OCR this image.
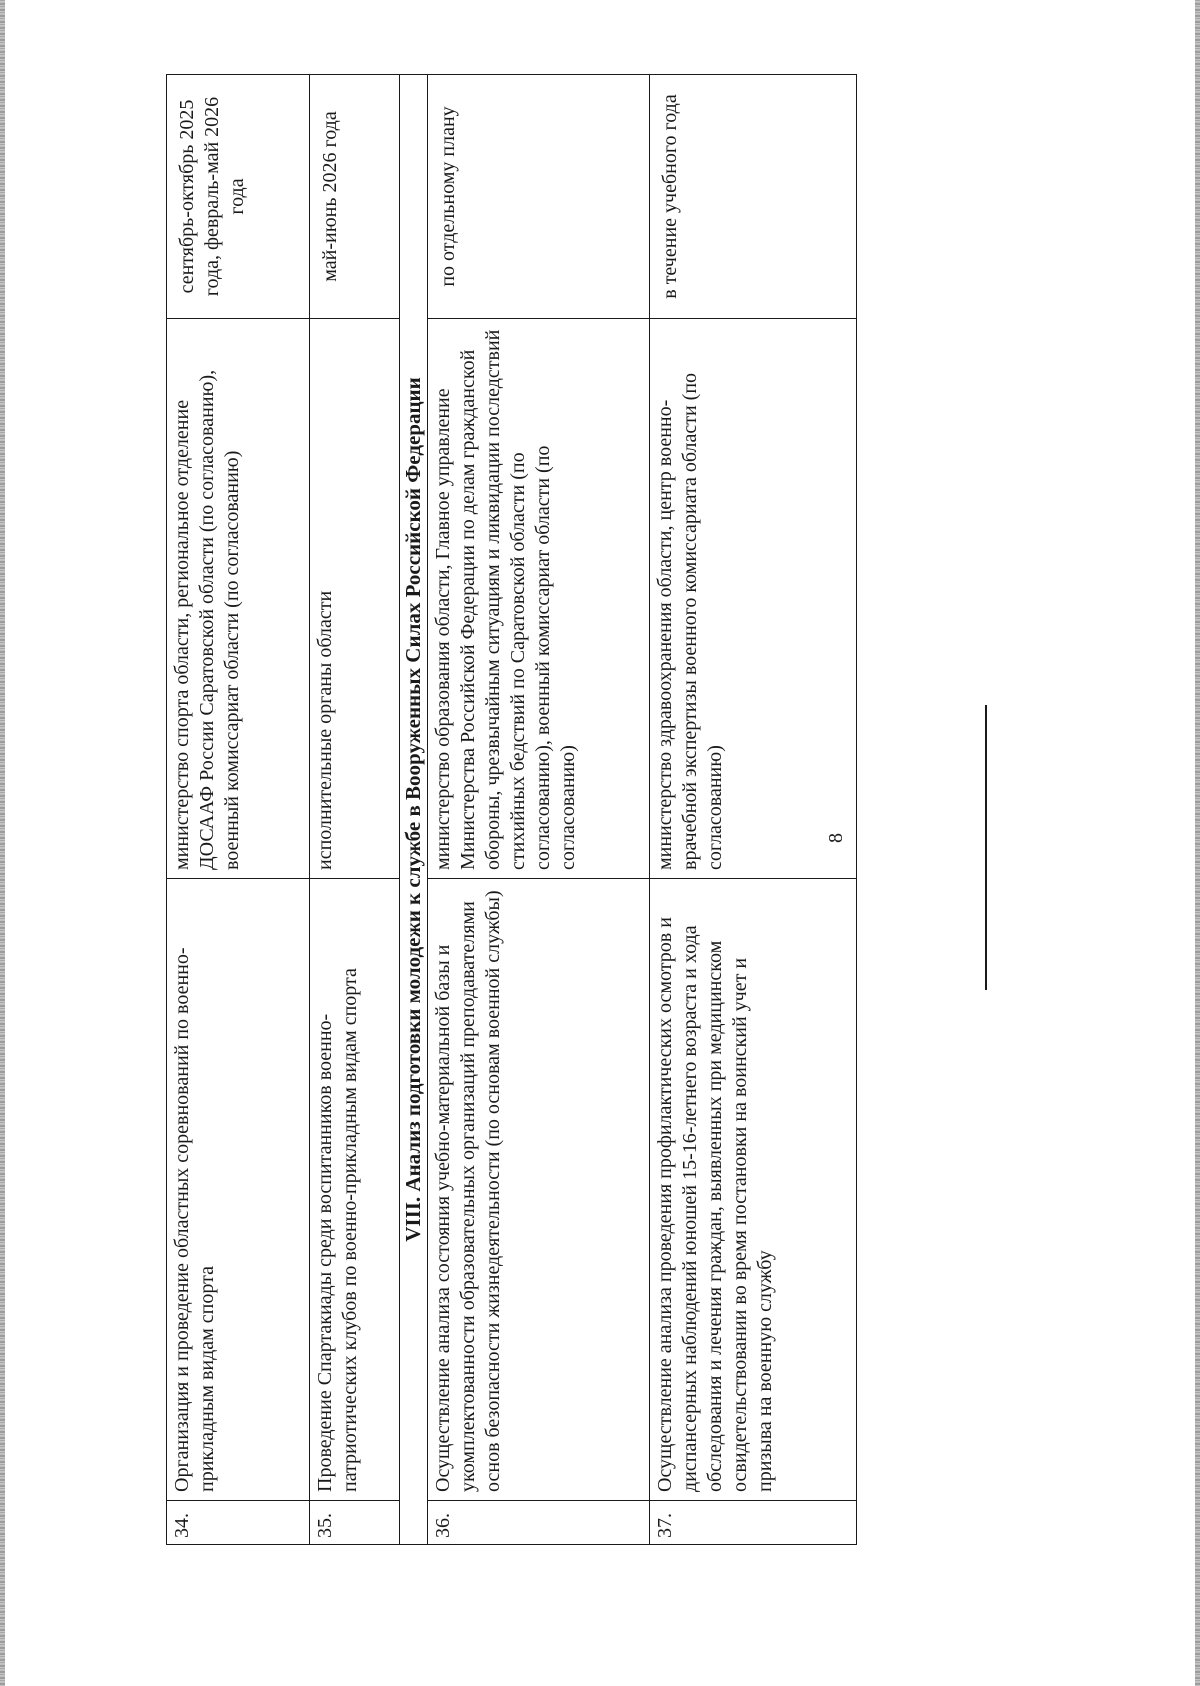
8
34.	Организация и проведение областных соревнований по военно-прикладным видам спорта	министерство спорта области, региональное отделение ДОСААФ России Саратовской области (по согласованию), военный комиссариат области (по согласованию)	сентябрь-октябрь 2025 года, февраль-май 2026 года
35.	Проведение Спартакиады среди воспитанников военно-патриотических клубов по военно-прикладным видам спорта	исполнительные органы области	май-июнь 2026 года
VIII. Анализ подготовки молодежи к службе в Вооруженных Силах Российской Федерации			
36.	Осуществление анализа состояния учебно-материальной базы и укомплектованности образовательных организаций преподавателями основ безопасности жизнедеятельности (по основам военной службы)	министерство образования области, Главное управление Министерства Российской Федерации по делам гражданской обороны, чрезвычайным ситуациям и ликвидации последствий стихийных бедствий по Саратовской области (по согласованию), военный комиссариат области (по согласованию)	по отдельному плану
37.	Осуществление анализа проведения профилактических осмотров и диспансерных наблюдений юношей 15-16-летнего возраста и хода обследования и лечения граждан, выявленных при медицинском освидетельствовании во время постановки на воинский учет и призыва на военную службу	министерство здравоохранения области, центр военно-врачебной экспертизы военного комиссариата области (по согласованию)	в течение учебного года
